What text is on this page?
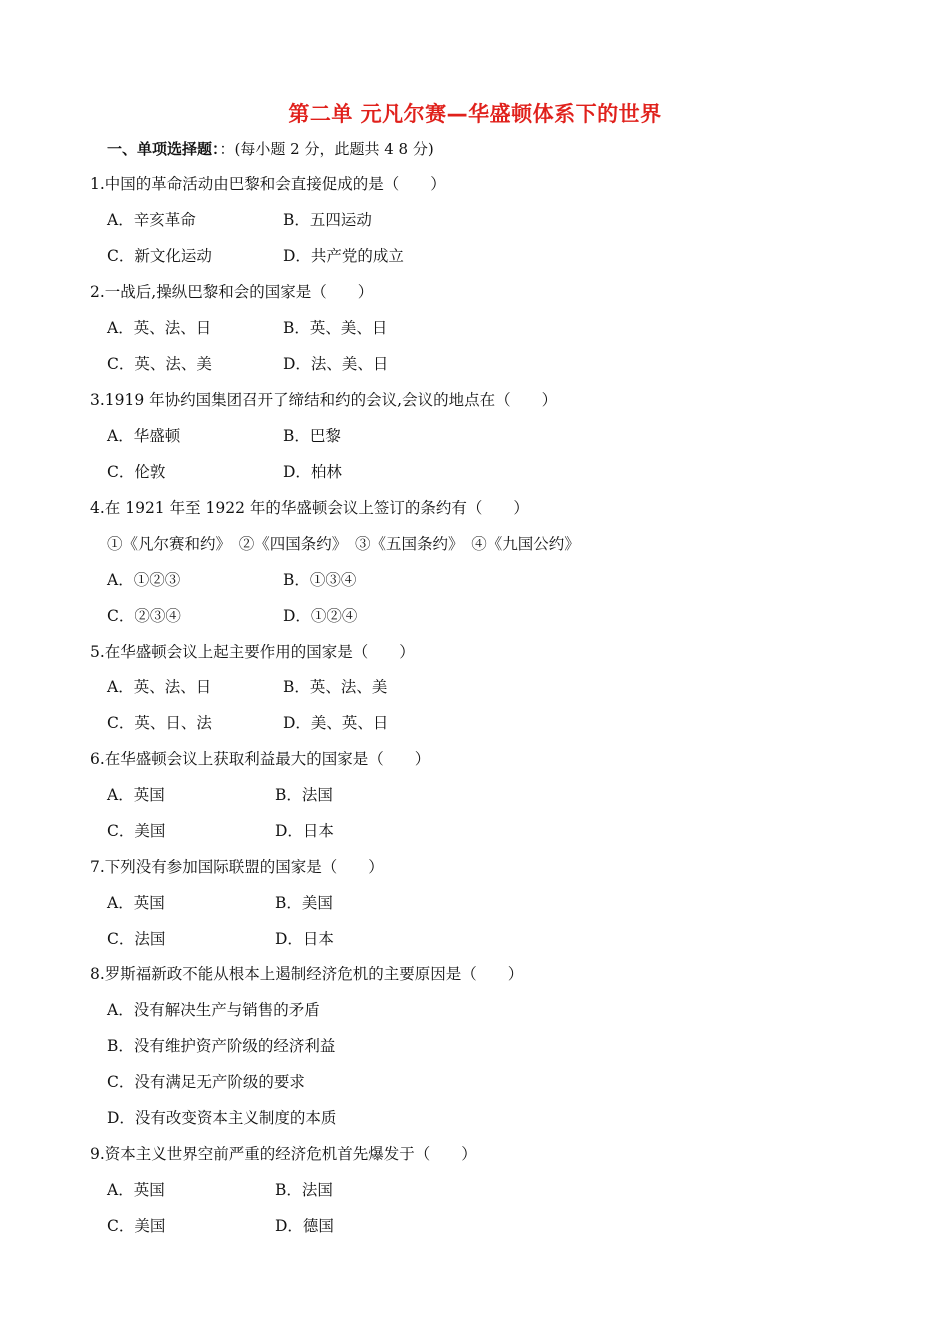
第二单 元凡尔赛—华盛顿体系下的世界
一、单项选择题：：(每小题 2 分，此题共 4 8 分)
1.中国的革命活动由巴黎和会直接促成的是（　　）
A．辛亥革命	B．五四运动
C．新文化运动	D．共产党的成立
2.一战后,操纵巴黎和会的国家是（　　）
A．英、法、日	B．英、美、日
C．英、法、美	D．法、美、日
3.1919 年协约国集团召开了缔结和约的会议,会议的地点在（　　）
A．华盛顿	B．巴黎
C．伦敦	D．柏林
4.在 1921 年至 1922 年的华盛顿会议上签订的条约有（　　）
①《凡尔赛和约》　②《四国条约》　③《五国条约》　④《九国公约》
A．①②③	B．①③④
C．②③④	D．①②④
5.在华盛顿会议上起主要作用的国家是（　　）
A．英、法、日	B．英、法、美
C．英、日、法	D．美、英、日
6.在华盛顿会议上获取利益最大的国家是（　　）
A．英国	B．法国
C．美国	D．日本
7.下列没有参加国际联盟的国家是（　　）
A．英国	B．美国
C．法国	D．日本
8.罗斯福新政不能从根本上遏制经济危机的主要原因是（　　）
A．没有解决生产与销售的矛盾
B．没有维护资产阶级的经济利益
C．没有满足无产阶级的要求
D．没有改变资本主义制度的本质
9.资本主义世界空前严重的经济危机首先爆发于（　　）
A．英国	B．法国
C．美国	D．德国
